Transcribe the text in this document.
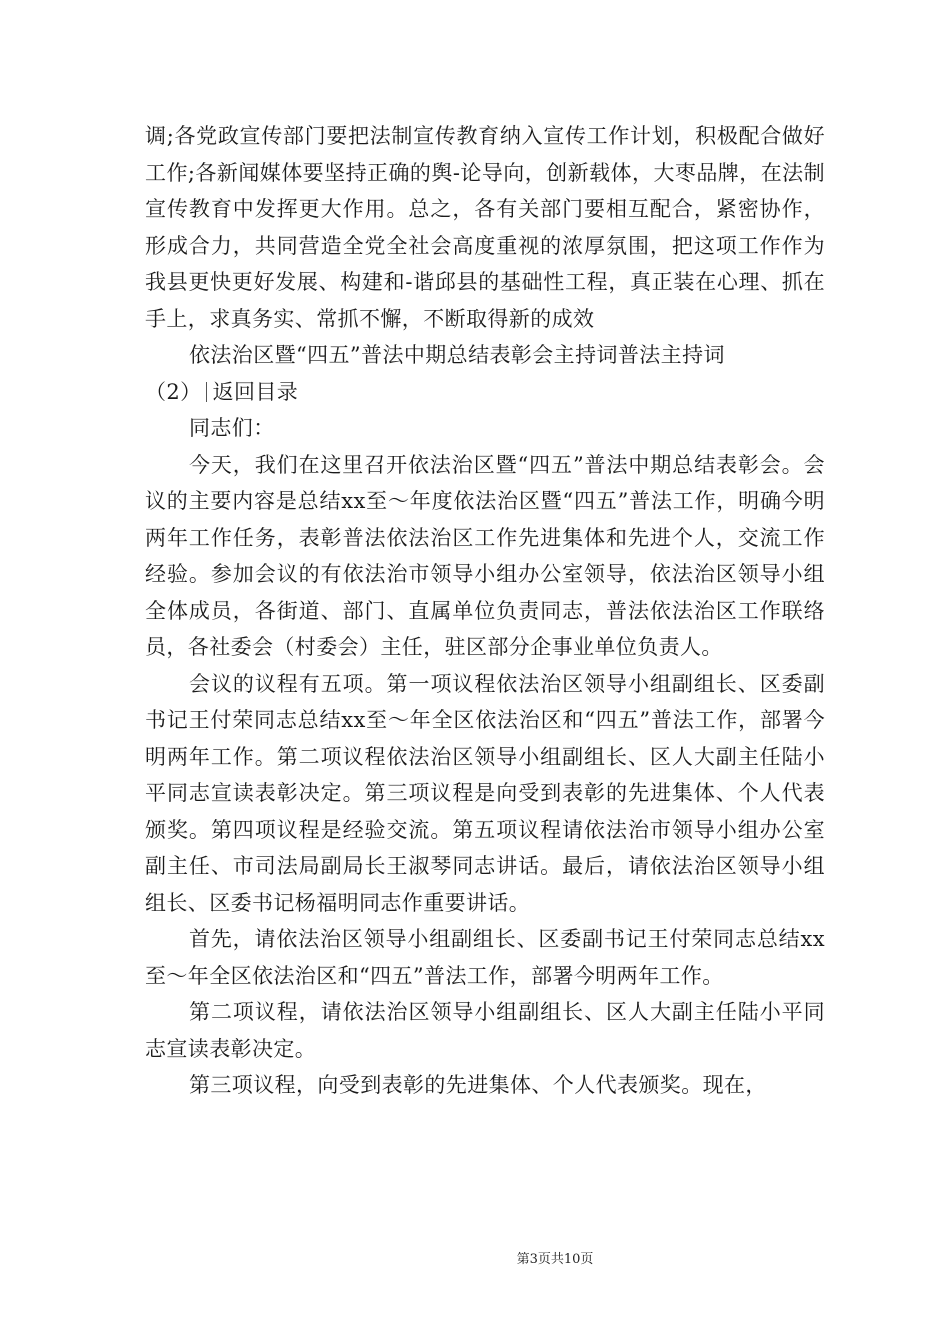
调;各党政宣传部门要把法制宣传教育纳入宣传工作计划，积极配合做好工作;各新闻媒体要坚持正确的舆-论导向，创新载体，大枣品牌，在法制宣传教育中发挥更大作用。总之，各有关部门要相互配合，紧密协作，形成合力，共同营造全党全社会高度重视的浓厚氛围，把这项工作作为我县更快更好发展、构建和-谐邱县的基础性工程，真正装在心理、抓在手上，求真务实、常抓不懈，不断取得新的成效

依法治区暨“四五”普法中期总结表彰会主持词普法主持词
（2） 返回目录

同志们：

今天，我们在这里召开依法治区暨“四五”普法中期总结表彰会。会议的主要内容是总结xx至～年度依法治区暨“四五”普法工作，明确今明两年工作任务，表彰普法依法治区工作先进集体和先进个人，交流工作经验。参加会议的有依法治市领导小组办公室领导，依法治区领导小组全体成员，各街道、部门、直属单位负责同志，普法依法治区工作联络员，各社委会（村委会）主任，驻区部分企事业单位负责人。

会议的议程有五项。第一项议程依法治区领导小组副组长、区委副书记王付荣同志总结xx至～年全区依法治区和“四五”普法工作，部署今明两年工作。第二项议程依法治区领导小组副组长、区人大副主任陆小平同志宣读表彰决定。第三项议程是向受到表彰的先进集体、个人代表颁奖。第四项议程是经验交流。第五项议程请依法治市领导小组办公室副主任、市司法局副局长王淑琴同志讲话。最后，请依法治区领导小组组长、区委书记杨福明同志作重要讲话。

首先，请依法治区领导小组副组长、区委副书记王付荣同志总结xx至～年全区依法治区和“四五”普法工作，部署今明两年工作。

第二项议程，请依法治区领导小组副组长、区人大副主任陆小平同志宣读表彰决定。

第三项议程，向受到表彰的先进集体、个人代表颁奖。现在，

第3页共10页
